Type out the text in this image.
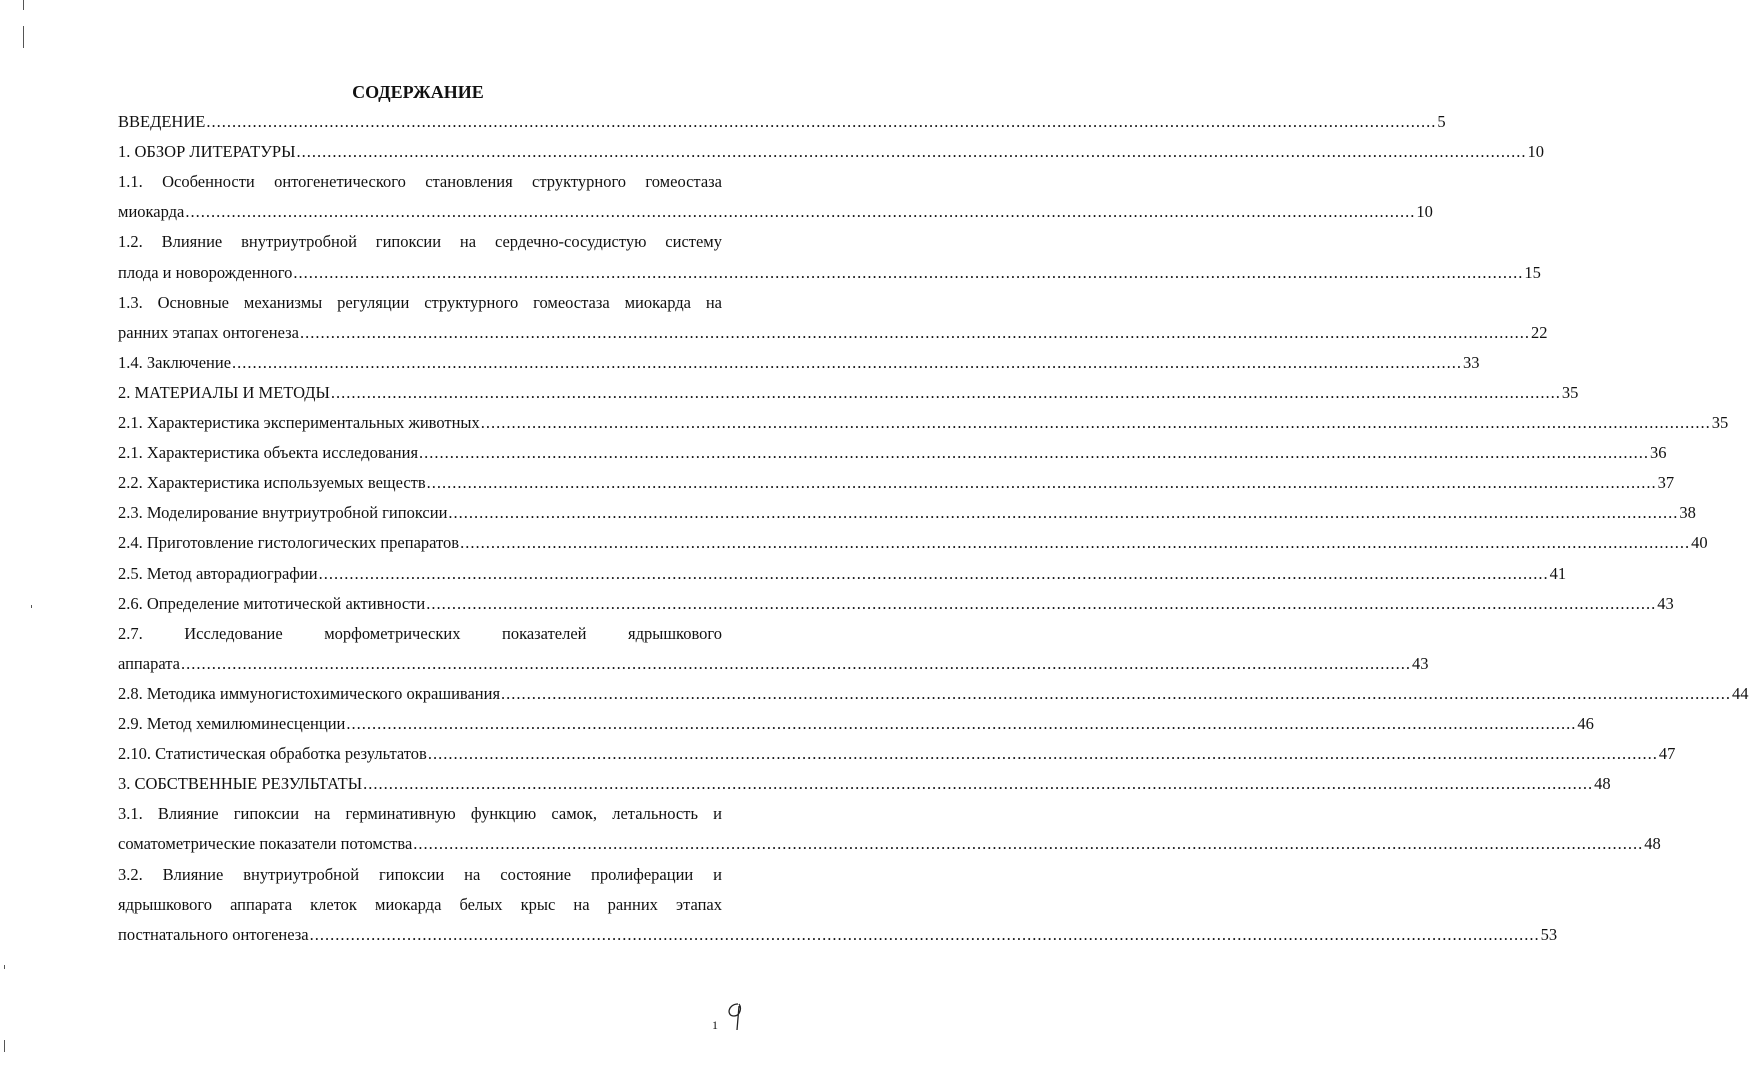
СОДЕРЖАНИЕ
ВВЕДЕНИЕ ................................................................................................................................................................................................................................................ 5
1. ОБЗОР ЛИТЕРАТУРЫ ................................................................................................................................................................................................................................................ 10
1.1. Особенности онтогенетического становления структурного гомеостаза
миокарда ................................................................................................................................................................................................................................................ 10
1.2. Влияние внутриутробной гипоксии на сердечно-сосудистую систему
плода и новорожденного ................................................................................................................................................................................................................................................ 15
1.3. Основные механизмы регуляции структурного гомеостаза миокарда на
ранних этапах онтогенеза ................................................................................................................................................................................................................................................ 22
1.4. Заключение ................................................................................................................................................................................................................................................ 33
2. МАТЕРИАЛЫ И МЕТОДЫ ................................................................................................................................................................................................................................................ 35
2.1. Характеристика экспериментальных животных ................................................................................................................................................................................................................................................ 35
2.1. Характеристика объекта исследования ................................................................................................................................................................................................................................................ 36
2.2. Характеристика используемых веществ ................................................................................................................................................................................................................................................ 37
2.3. Моделирование внутриутробной гипоксии ................................................................................................................................................................................................................................................ 38
2.4. Приготовление гистологических препаратов ................................................................................................................................................................................................................................................ 40
2.5. Метод авторадиографии ................................................................................................................................................................................................................................................ 41
2.6. Определение митотической активности ................................................................................................................................................................................................................................................ 43
2.7. Исследование морфометрических показателей ядрышкового
аппарата ................................................................................................................................................................................................................................................ 43
2.8. Методика иммуногистохимического окрашивания ................................................................................................................................................................................................................................................ 44
2.9. Метод хемилюминесценции ................................................................................................................................................................................................................................................ 46
2.10. Статистическая обработка результатов ................................................................................................................................................................................................................................................ 47
3. СОБСТВЕННЫЕ РЕЗУЛЬТАТЫ ................................................................................................................................................................................................................................................ 48
3.1. Влияние гипоксии на герминативную функцию самок, летальность и
соматометрические показатели потомства ................................................................................................................................................................................................................................................ 48
3.2. Влияние внутриутробной гипоксии на состояние пролиферации и
ядрышкового аппарата клеток миокарда белых крыс на ранних этапах
постнатального онтогенеза ................................................................................................................................................................................................................................................ 53
1
